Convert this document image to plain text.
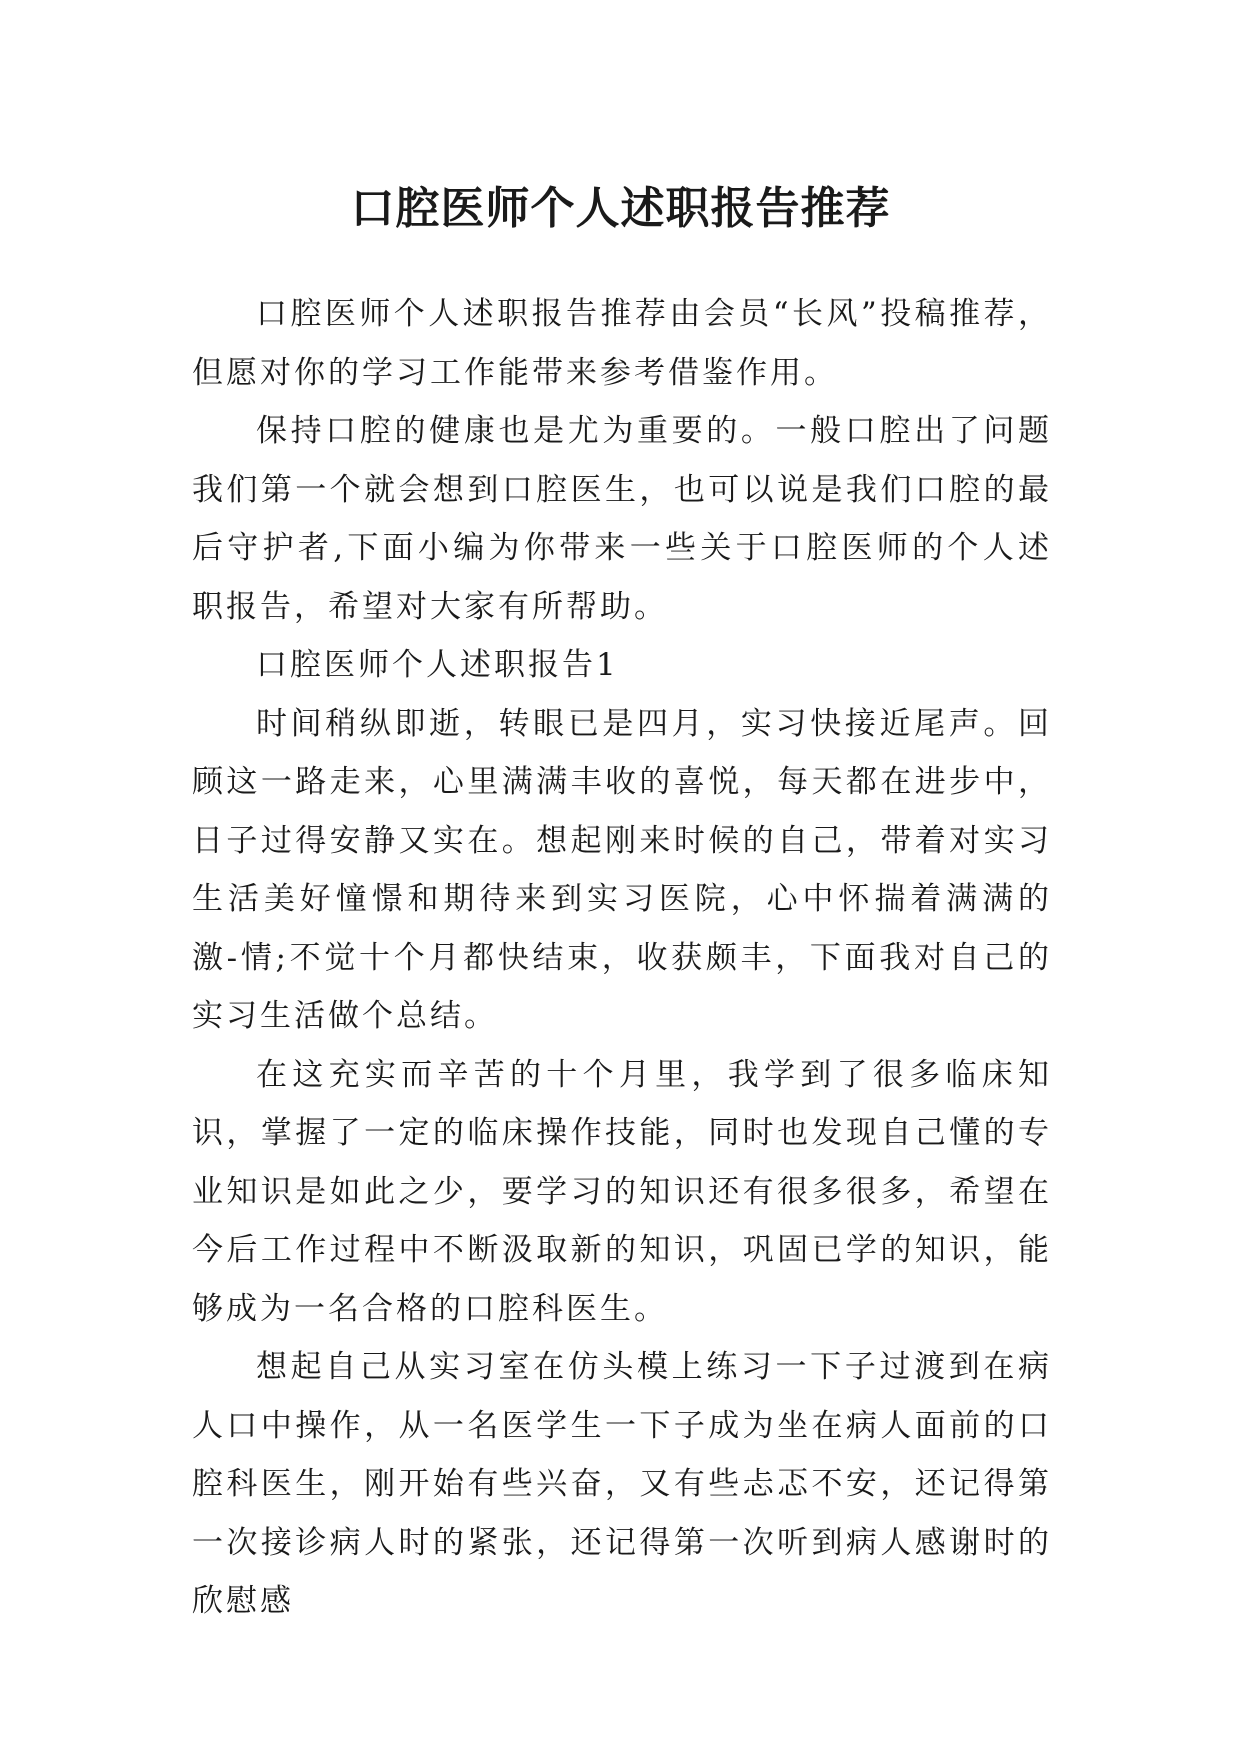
口腔医师个人述职报告推荐

口腔医师个人述职报告推荐由会员“长风”投稿推荐，但愿对你的学习工作能带来参考借鉴作用。

保持口腔的健康也是尤为重要的。一般口腔出了问题我们第一个就会想到口腔医生，也可以说是我们口腔的最后守护者,下面小编为你带来一些关于口腔医师的个人述职报告，希望对大家有所帮助。

口腔医师个人述职报告1

时间稍纵即逝，转眼已是四月，实习快接近尾声。回顾这一路走来，心里满满丰收的喜悦，每天都在进步中，日子过得安静又实在。想起刚来时候的自己，带着对实习生活美好憧憬和期待来到实习医院，心中怀揣着满满的激-情;不觉十个月都快结束，收获颇丰，下面我对自己的实习生活做个总结。

在这充实而辛苦的十个月里，我学到了很多临床知识，掌握了一定的临床操作技能，同时也发现自己懂的专业知识是如此之少，要学习的知识还有很多很多，希望在今后工作过程中不断汲取新的知识，巩固已学的知识，能够成为一名合格的口腔科医生。

想起自己从实习室在仿头模上练习一下子过渡到在病人口中操作，从一名医学生一下子成为坐在病人面前的口腔科医生，刚开始有些兴奋，又有些忐忑不安，还记得第一次接诊病人时的紧张，还记得第一次听到病人感谢时的欣慰感
